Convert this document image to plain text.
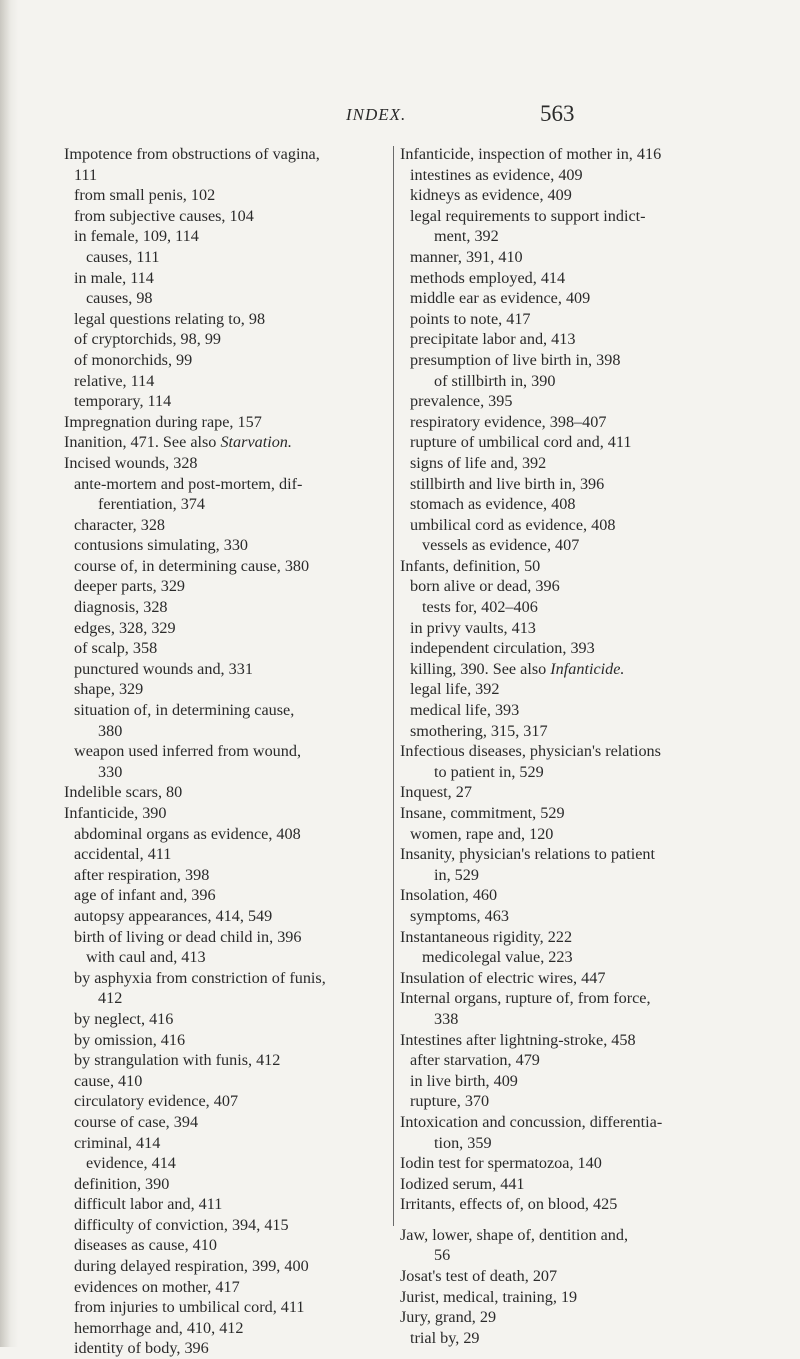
INDEX.	563
Impotence from obstructions of vagina,
111
from small penis, 102
from subjective causes, 104
in female, 109, 114
causes, 111
in male, 114
causes, 98
legal questions relating to, 98
of cryptorchids, 98, 99
of monorchids, 99
relative, 114
temporary, 114
Impregnation during rape, 157
Inanition, 471. See also Starvation.
Incised wounds, 328
ante-mortem and post-mortem, dif-
ferentiation, 374
character, 328
contusions simulating, 330
course of, in determining cause, 380
deeper parts, 329
diagnosis, 328
edges, 328, 329
of scalp, 358
punctured wounds and, 331
shape, 329
situation of, in determining cause,
380
weapon used inferred from wound,
330
Indelible scars, 80
Infanticide, 390
abdominal organs as evidence, 408
accidental, 411
after respiration, 398
age of infant and, 396
autopsy appearances, 414, 549
birth of living or dead child in, 396
with caul and, 413
by asphyxia from constriction of funis,
412
by neglect, 416
by omission, 416
by strangulation with funis, 412
cause, 410
circulatory evidence, 407
course of case, 394
criminal, 414
evidence, 414
definition, 390
difficult labor and, 411
difficulty of conviction, 394, 415
diseases as cause, 410
during delayed respiration, 399, 400
evidences on mother, 417
from injuries to umbilical cord, 411
hemorrhage and, 410, 412
identity of body, 396
Infanticide, inspection of mother in, 416
intestines as evidence, 409
kidneys as evidence, 409
legal requirements to support indict-
ment, 392
manner, 391, 410
methods employed, 414
middle ear as evidence, 409
points to note, 417
precipitate labor and, 413
presumption of live birth in, 398
of stillbirth in, 390
prevalence, 395
respiratory evidence, 398–407
rupture of umbilical cord and, 411
signs of life and, 392
stillbirth and live birth in, 396
stomach as evidence, 408
umbilical cord as evidence, 408
vessels as evidence, 407
Infants, definition, 50
born alive or dead, 396
tests for, 402–406
in privy vaults, 413
independent circulation, 393
killing, 390. See also Infanticide.
legal life, 392
medical life, 393
smothering, 315, 317
Infectious diseases, physician's relations
to patient in, 529
Inquest, 27
Insane, commitment, 529
women, rape and, 120
Insanity, physician's relations to patient
in, 529
Insolation, 460
symptoms, 463
Instantaneous rigidity, 222
medicolegal value, 223
Insulation of electric wires, 447
Internal organs, rupture of, from force,
338
Intestines after lightning-stroke, 458
after starvation, 479
in live birth, 409
rupture, 370
Intoxication and concussion, differentia-
tion, 359
Iodin test for spermatozoa, 140
Iodized serum, 441
Irritants, effects of, on blood, 425
Jaw, lower, shape of, dentition and,
56
Josat's test of death, 207
Jurist, medical, training, 19
Jury, grand, 29
trial by, 29
